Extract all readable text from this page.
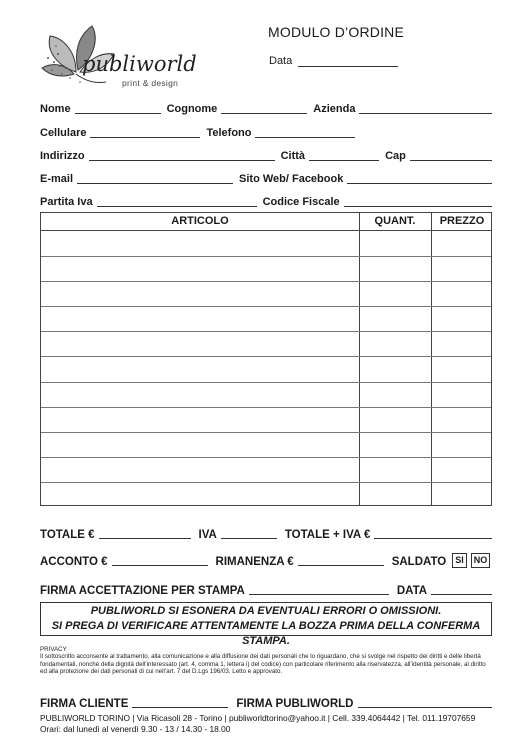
MODULO D’ORDINE
Data
publiworld
print & design
Nome	Cognome	Azienda
Cellulare	Telefono
Indirizzo	Città	Cap
E-mail	Sito Web/ Facebook
Partita Iva	Codice Fiscale
ARTICOLO	QUANT.	PREZZO
TOTALE €	IVA	TOTALE + IVA €
ACCONTO €	RIMANENZA €	SALDATO	SI	NO
FIRMA ACCETTAZIONE PER STAMPA	DATA
PUBLIWORLD SI ESONERA DA EVENTUALI ERRORI O OMISSIONI.
SI PREGA DI VERIFICARE ATTENTAMENTE LA BOZZA PRIMA DELLA CONFERMA STAMPA.
PRIVACY
Il sottoscritto acconsente al trattamento, alla comunicazione e alla diffusione dei dati personali che lo riguardano, che si svolge nel rispetto dei diritti e delle libertà fondamentali, nonché della dignità dell’interessato (art. 4, comma 1, lettera i) del codice) con particolare riferimento alla riservatezza, all’identità personale, al diritto ed alla protezione dei dati personali di cui nell’art. 7 del D.Lgs 196/03. Letto e approvato.
FIRMA CLIENTE	FIRMA PUBLIWORLD
PUBLIWORLD TORINO | Via Ricasoli 28 - Torino | publiworldtorino@yahoo.it | Cell. 339.4064442 | Tel. 011.19707659
Orari: dal lunedì al venerdì 9.30 - 13 / 14.30 - 18.00
